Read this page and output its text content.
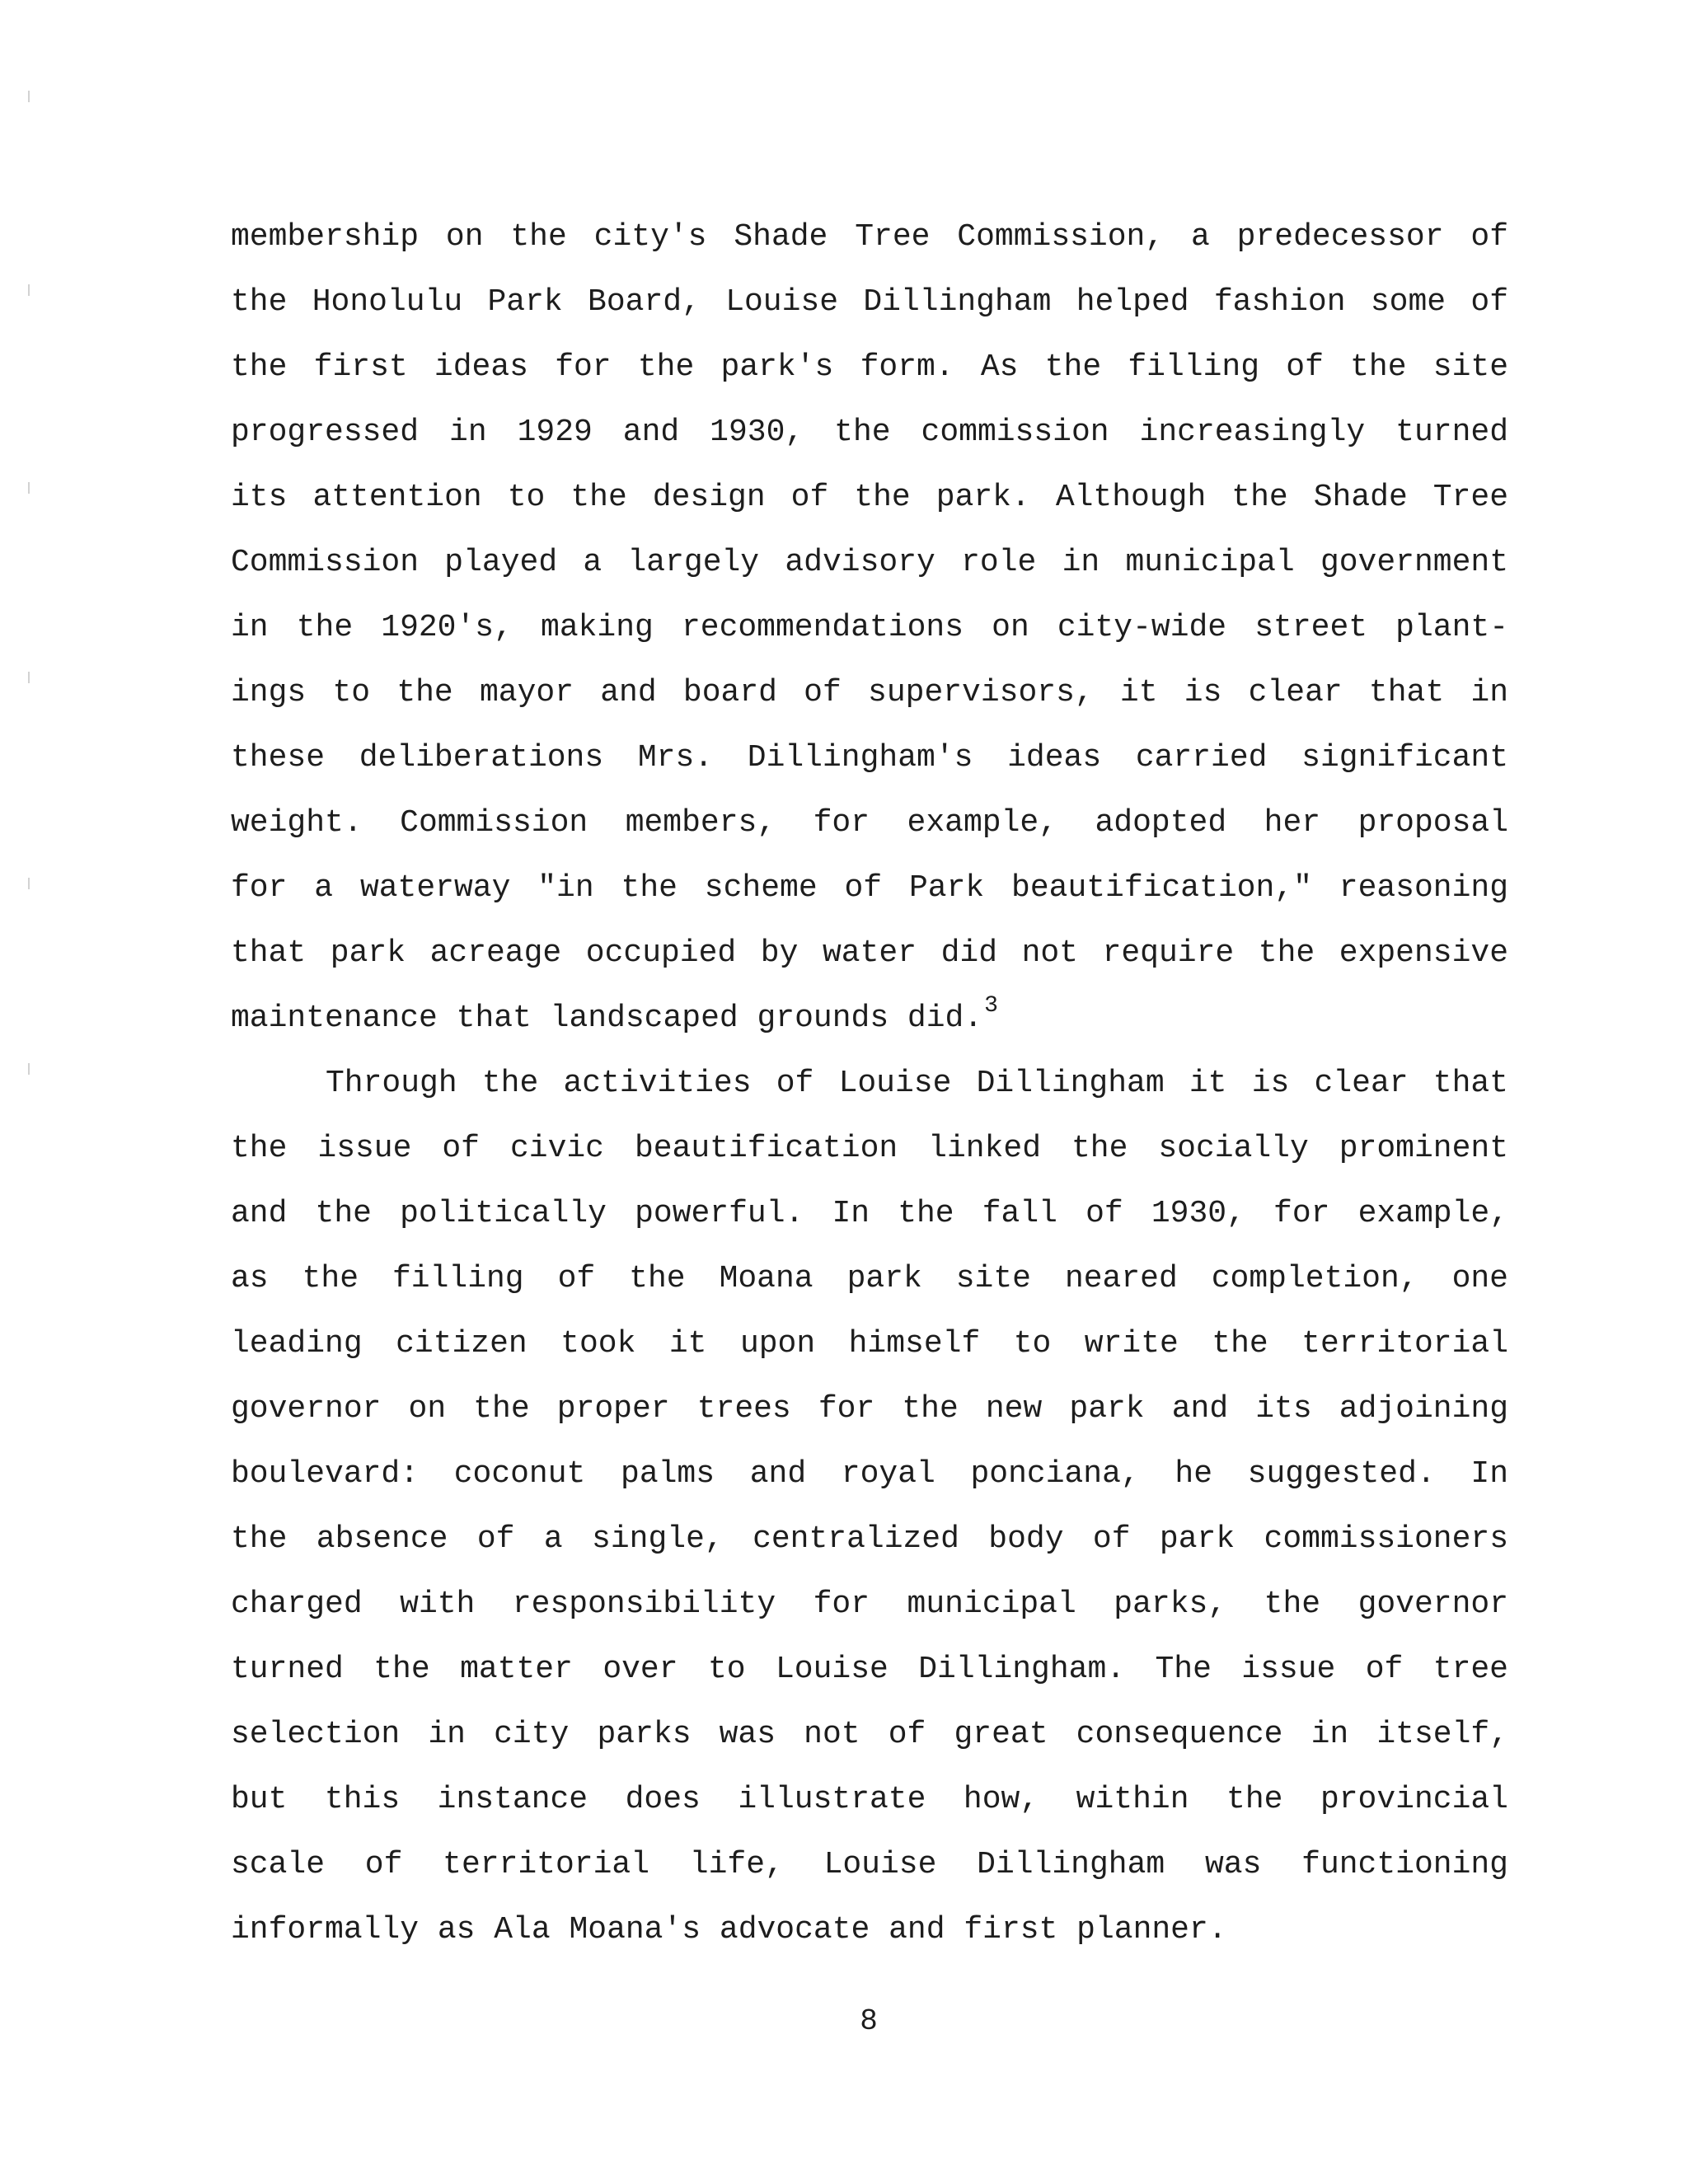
membership on the city's Shade Tree Commission, a predecessor of
the Honolulu Park Board, Louise Dillingham helped fashion some of
the first ideas for the park's form. As the filling of the site
progressed in 1929 and 1930, the commission increasingly turned
its attention to the design of the park. Although the Shade Tree
Commission played a largely advisory role in municipal government
in the 1920's, making recommendations on city-wide street plant-
ings to the mayor and board of supervisors, it is clear that in
these deliberations Mrs. Dillingham's ideas carried significant
weight. Commission members, for example, adopted her proposal
for a waterway "in the scheme of Park beautification," reasoning
that park acreage occupied by water did not require the expensive
maintenance that landscaped grounds did.$^3$
Through the activities of Louise Dillingham it is clear that
the issue of civic beautification linked the socially prominent
and the politically powerful. In the fall of 1930, for example,
as the filling of the Moana park site neared completion, one
leading citizen took it upon himself to write the territorial
governor on the proper trees for the new park and its adjoining
boulevard: coconut palms and royal ponciana, he suggested. In
the absence of a single, centralized body of park commissioners
charged with responsibility for municipal parks, the governor
turned the matter over to Louise Dillingham. The issue of tree
selection in city parks was not of great consequence in itself,
but this instance does illustrate how, within the provincial
scale of territorial life, Louise Dillingham was functioning
informally as Ala Moana's advocate and first planner.
8
